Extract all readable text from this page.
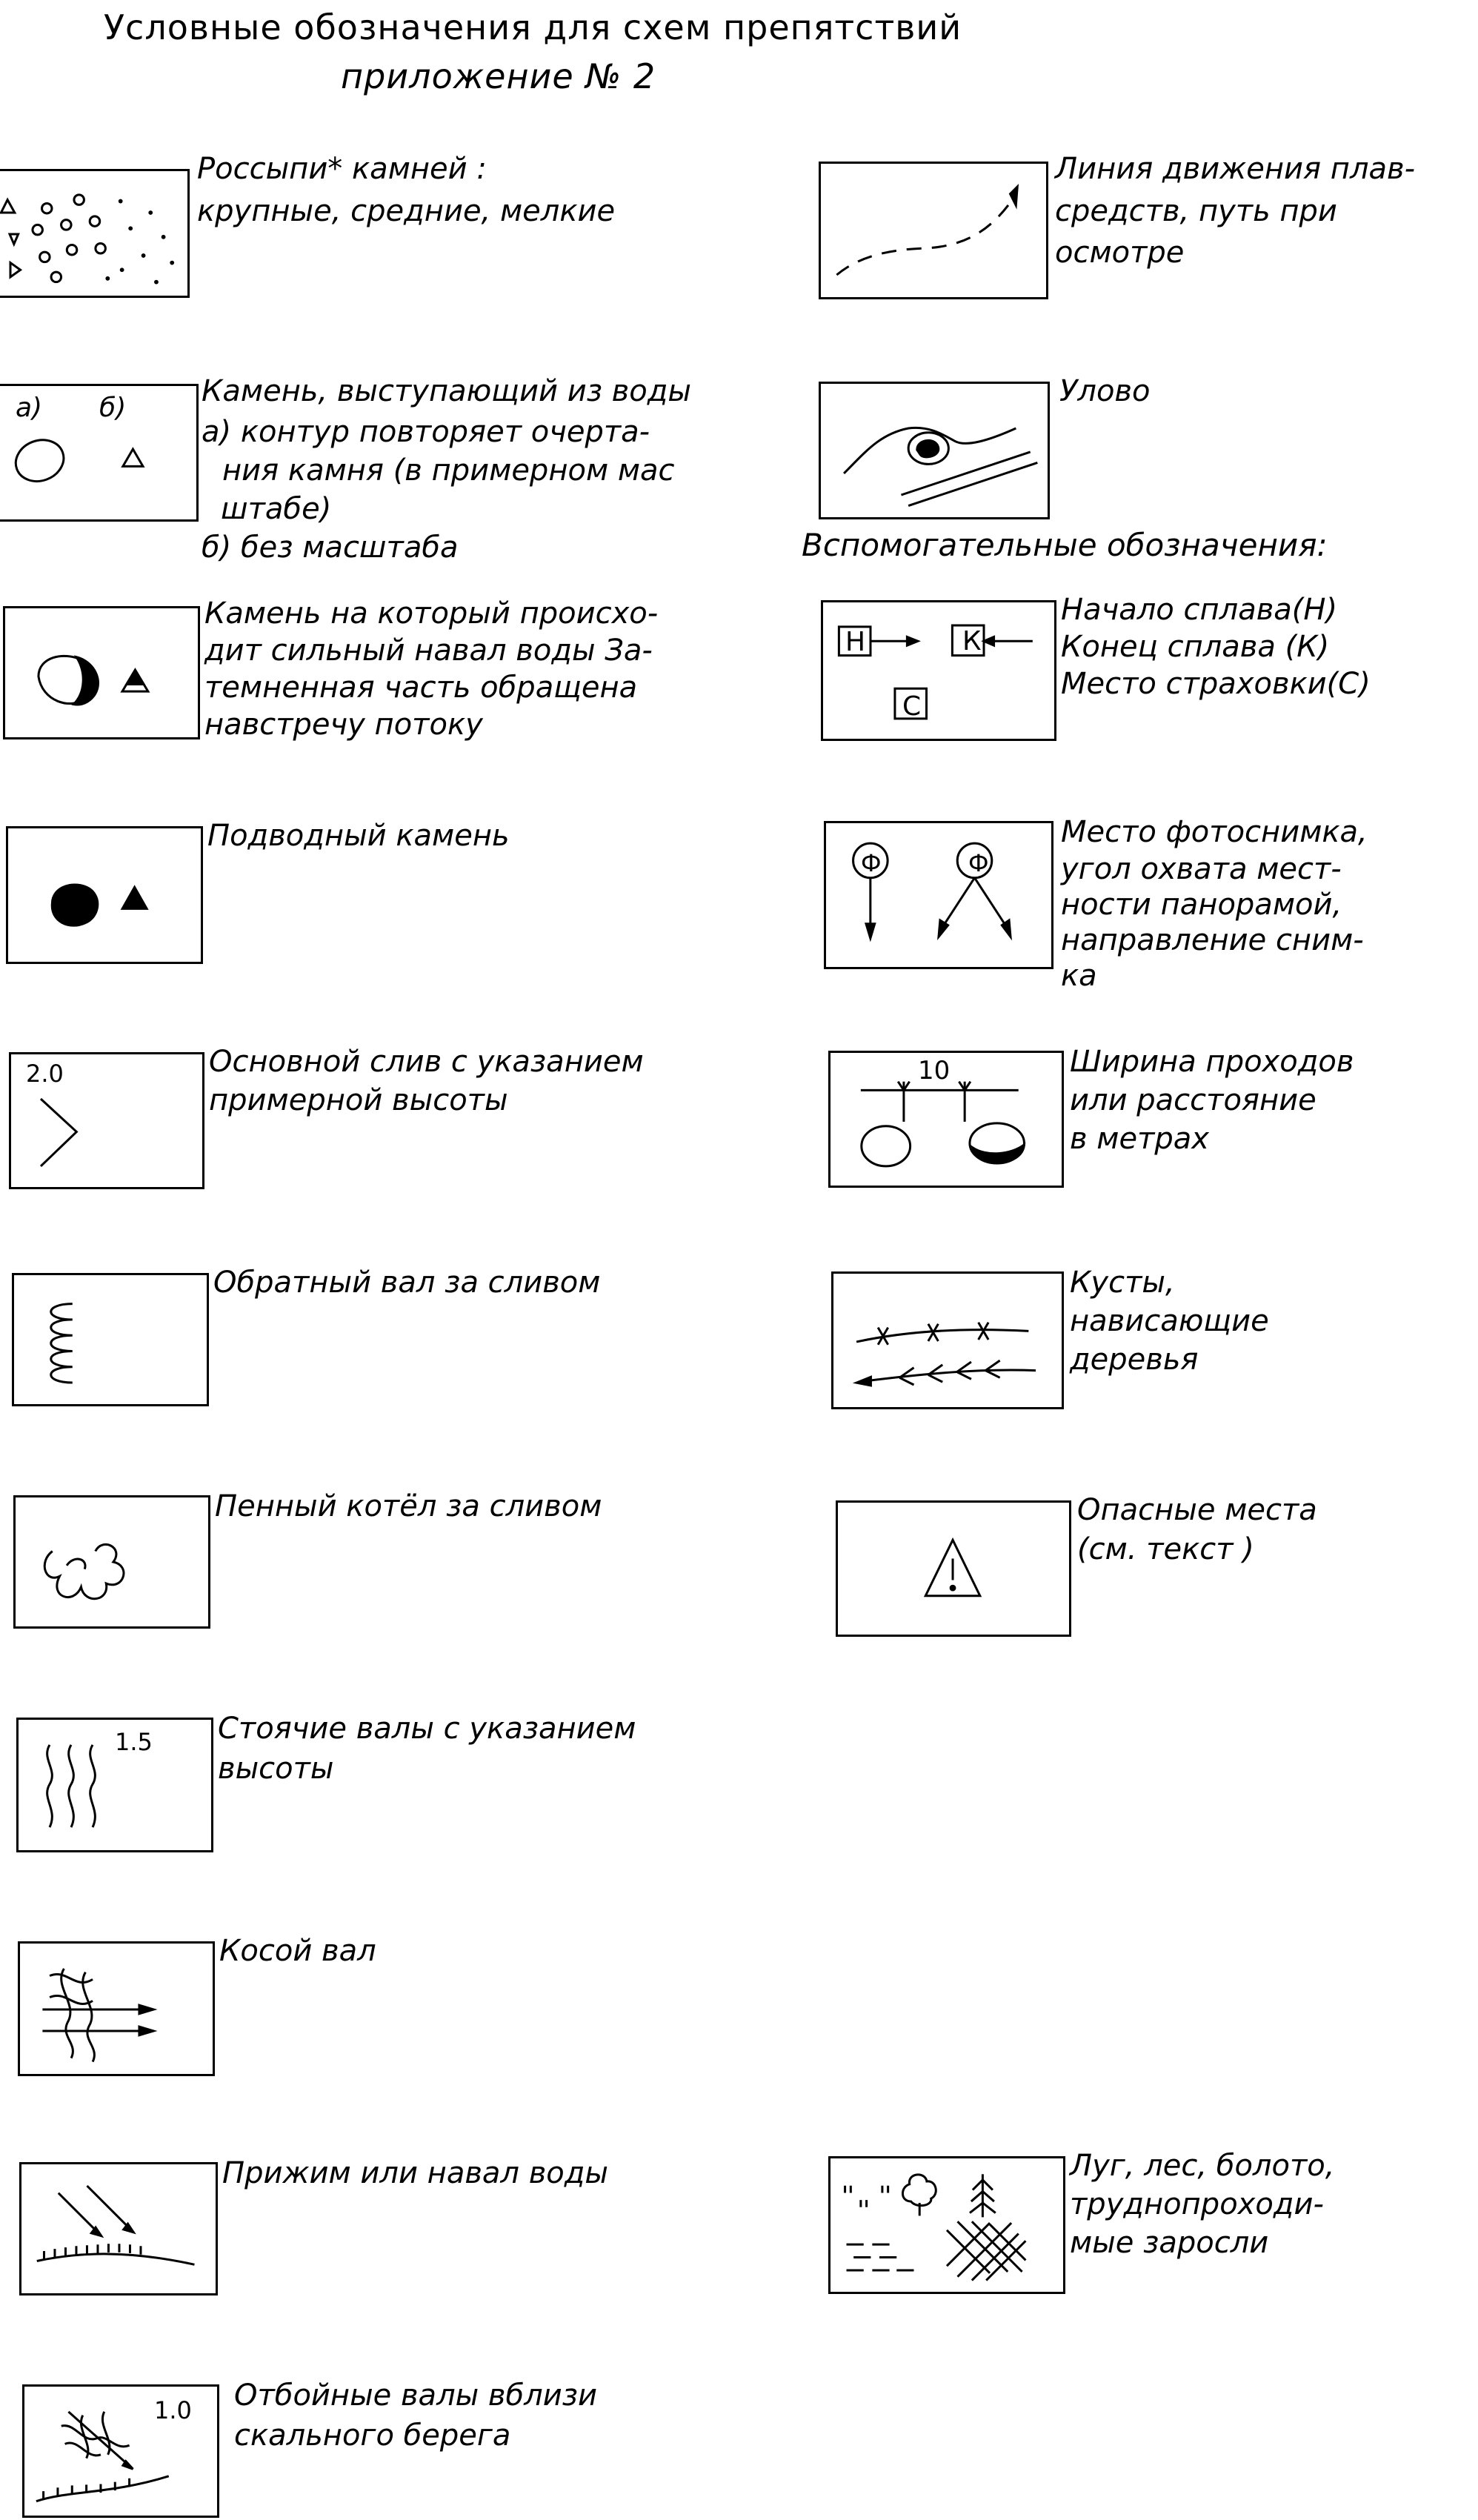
Условные обозначения для схем препятствий
приложение № 2
Россыпи* камней :
крупные, средние, мелкие
а) б)	Камень, выступающий из воды
а) контур повторяет очерта-
ния камня (в примерном мас
штабе)
б) без масштаба
Камень на который происхо-
дит сильный навал воды За-
темненная часть обращена
навстречу потоку
Подводный камень
2.0	Основной слив с указанием
примерной высоты
Обратный вал за сливом
Пенный котёл за сливом
1.5 Стоячие валы с указанием
высоты
Косой вал
Прижим или навал воды
1.0 Отбойные валы вблизи
скального берега
Линия движения плав-
средств, путь при
осмотре
Улово
Вспомогательные обозначения:
Н	К
С
Начало сплава(Н)
Конец сплава (К)
Место страховки(С)
Ф	Ф
Место фотоснимка,
угол охвата мест-
ности панорамой,
направление сним-
ка
10	Ширина проходов
или расстояние
в метрах
Кусты,
нависающие
деревья
Опасные места
(см. текст )
Луг, лес, болото,
труднопроходи-
мые заросли
